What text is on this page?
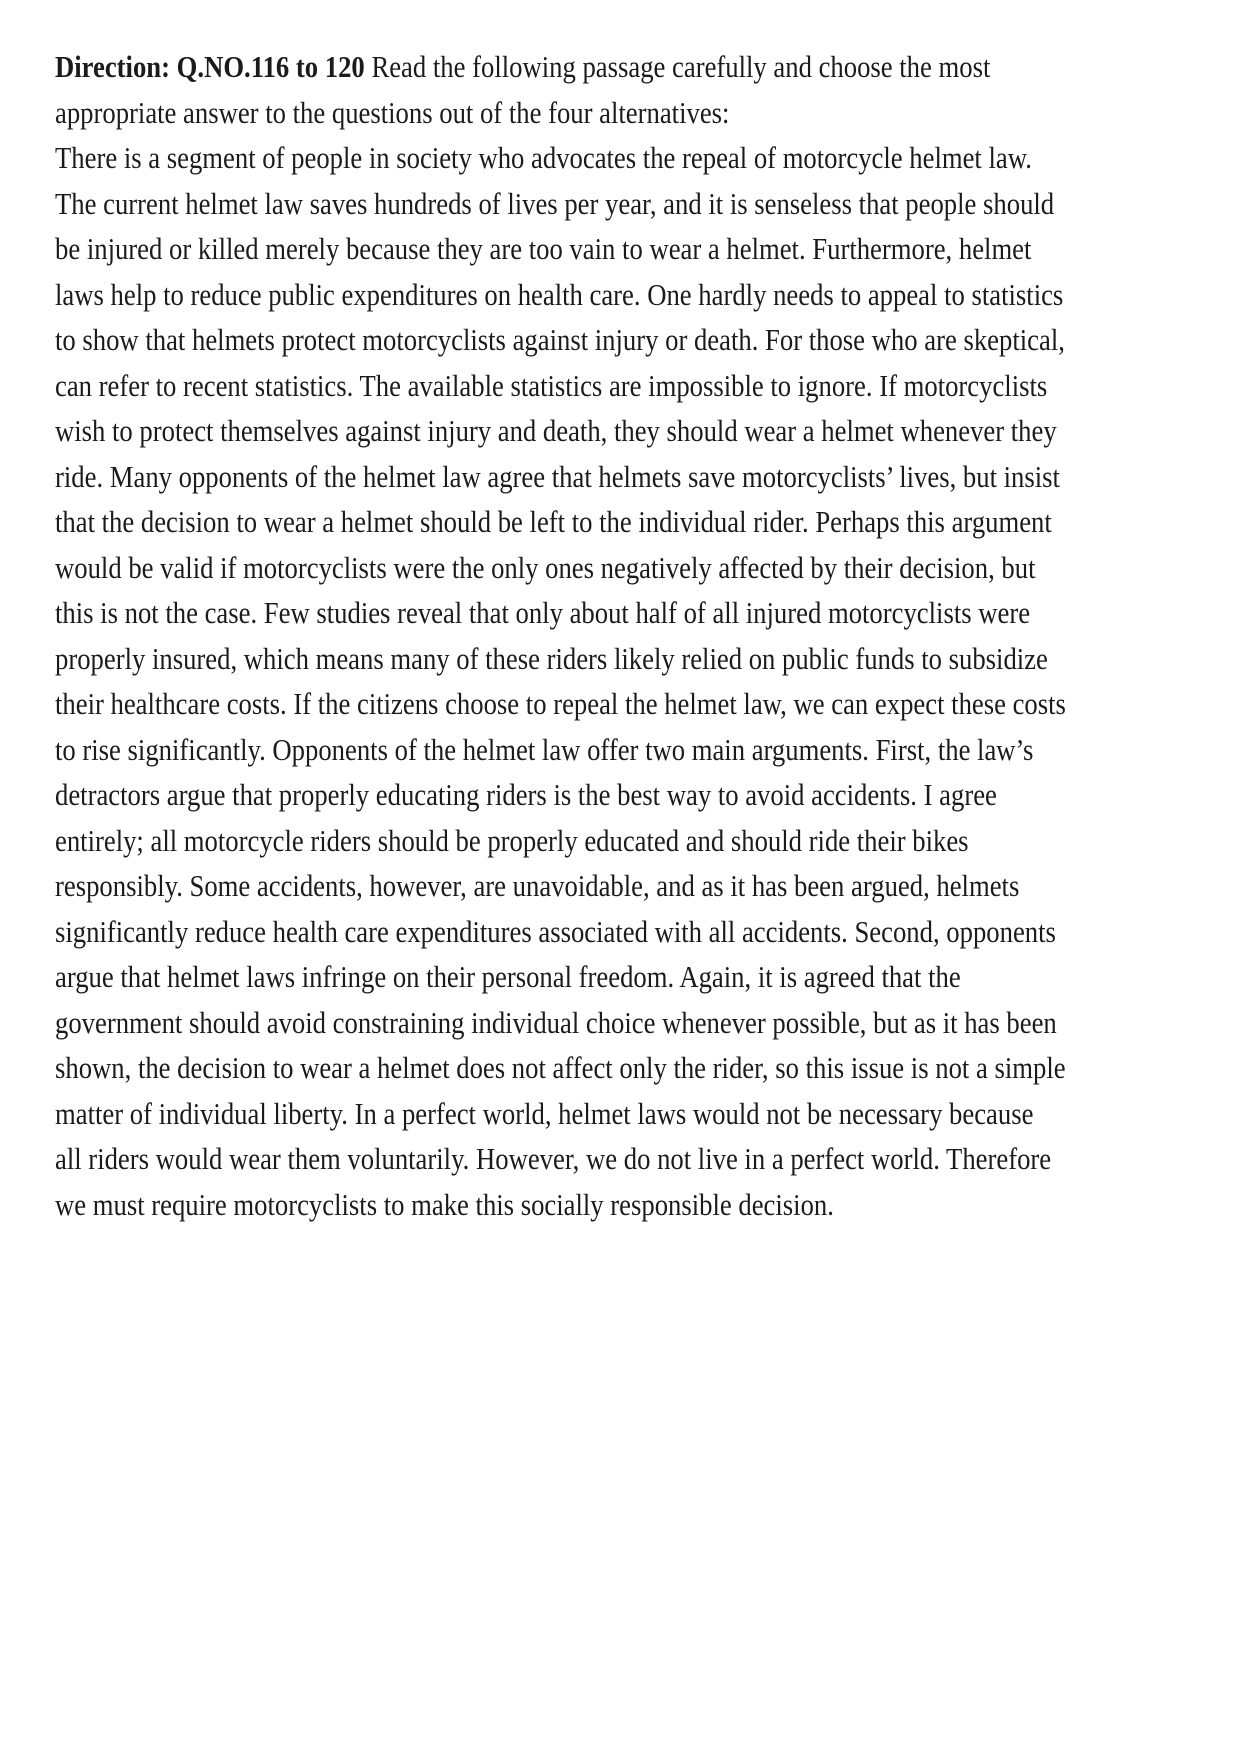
Direction: Q.NO.116 to 120 Read the following passage carefully and choose the most
appropriate answer to the questions out of the four alternatives:
There is a segment of people in society who advocates the repeal of motorcycle helmet law.
The current helmet law saves hundreds of lives per year, and it is senseless that people should
be injured or killed merely because they are too vain to wear a helmet. Furthermore, helmet
laws help to reduce public expenditures on health care. One hardly needs to appeal to statistics
to show that helmets protect motorcyclists against injury or death. For those who are skeptical,
can refer to recent statistics. The available statistics are impossible to ignore. If motorcyclists
wish to protect themselves against injury and death, they should wear a helmet whenever they
ride. Many opponents of the helmet law agree that helmets save motorcyclists’ lives, but insist
that the decision to wear a helmet should be left to the individual rider. Perhaps this argument
would be valid if motorcyclists were the only ones negatively affected by their decision, but
this is not the case. Few studies reveal that only about half of all injured motorcyclists were
properly insured, which means many of these riders likely relied on public funds to subsidize
their healthcare costs. If the citizens choose to repeal the helmet law, we can expect these costs
to rise significantly. Opponents of the helmet law offer two main arguments. First, the law’s
detractors argue that properly educating riders is the best way to avoid accidents. I agree
entirely; all motorcycle riders should be properly educated and should ride their bikes
responsibly. Some accidents, however, are unavoidable, and as it has been argued, helmets
significantly reduce health care expenditures associated with all accidents. Second, opponents
argue that helmet laws infringe on their personal freedom. Again, it is agreed that the
government should avoid constraining individual choice whenever possible, but as it has been
shown, the decision to wear a helmet does not affect only the rider, so this issue is not a simple
matter of individual liberty. In a perfect world, helmet laws would not be necessary because
all riders would wear them voluntarily. However, we do not live in a perfect world. Therefore
we must require motorcyclists to make this socially responsible decision.
